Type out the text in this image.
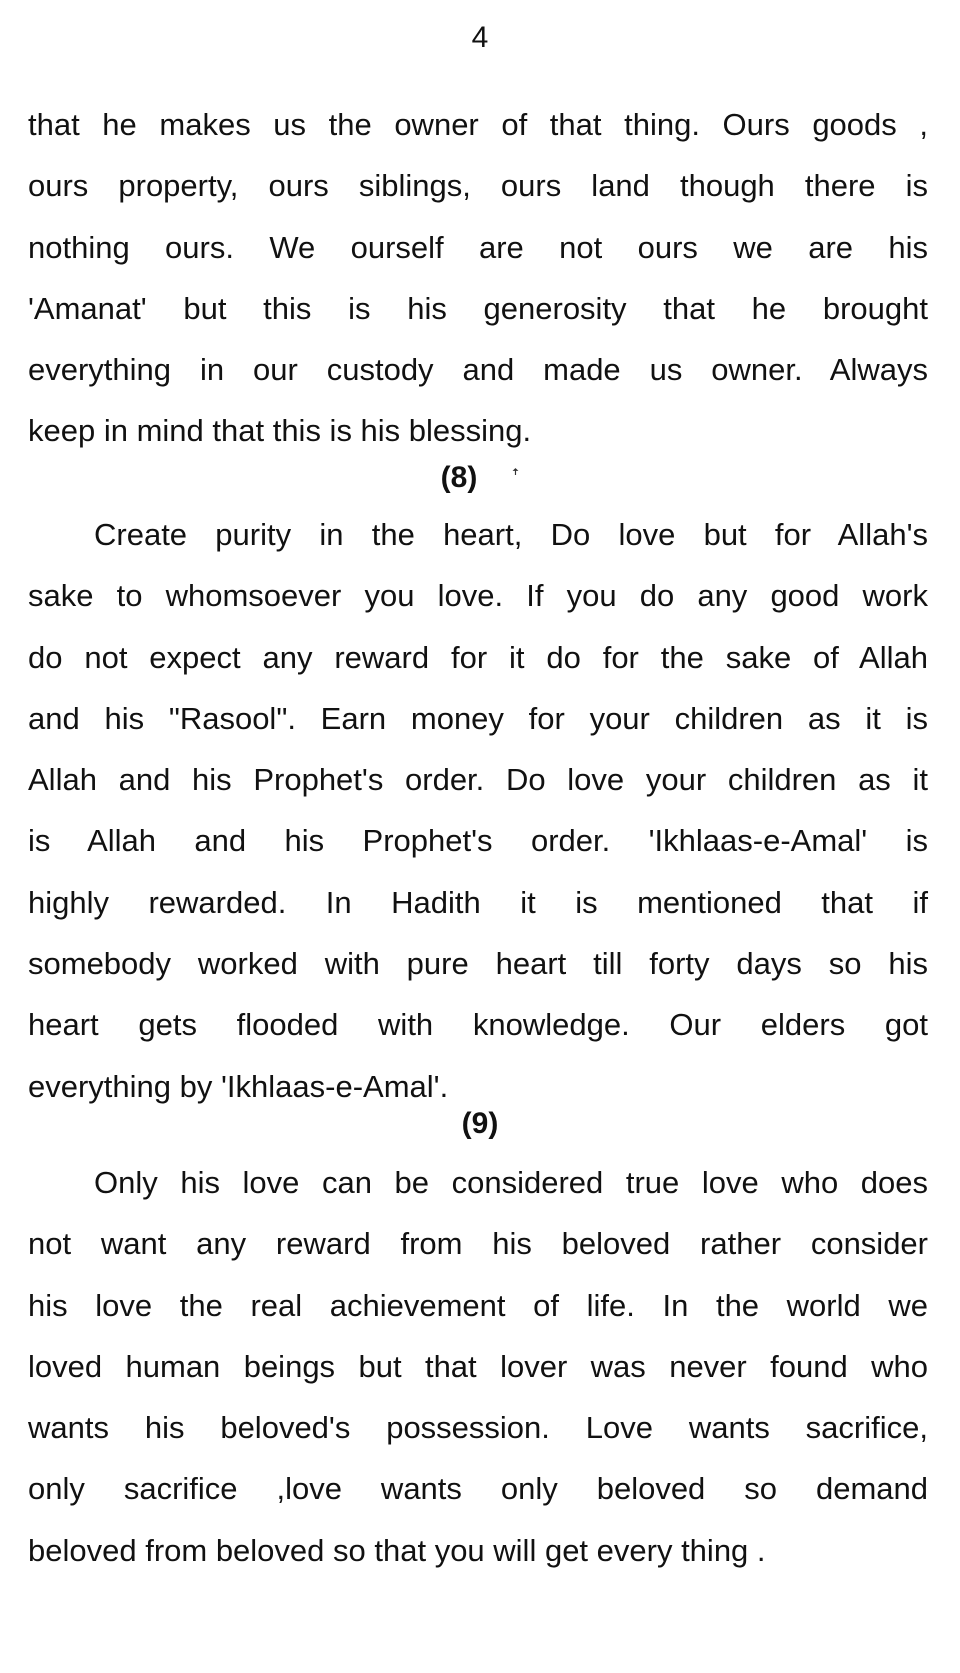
4
that he makes us the owner of that thing. Ours goods ,
ours property, ours siblings, ours land though there is
nothing ours. We ourself are not ours we are his
'Amanat' but this is his generosity that he brought
everything in our custody and made us owner. Always
keep in mind that this is his blessing.
(8) ꜛ
Create purity in the heart, Do love but for Allah's
sake to whomsoever you love. If you do any good work
do not expect any reward for it do for the sake of Allah
and his "Rasool". Earn money for your children as it is
Allah and his Prophet's order. Do love your children as it
is Allah and his Prophet's order. 'Ikhlaas-e-Amal' is
highly rewarded. In Hadith it is mentioned that if
somebody worked with pure heart till forty days so his
heart gets flooded with knowledge. Our elders got
everything by 'Ikhlaas-e-Amal'.
(9)
Only his love can be considered true love who does
not want any reward from his beloved rather consider
his love the real achievement of life. In the world we
loved human beings but that lover was never found who
wants his beloved's possession. Love wants sacrifice,
only sacrifice ,love wants only beloved so demand
beloved from beloved so that you will get every thing .
